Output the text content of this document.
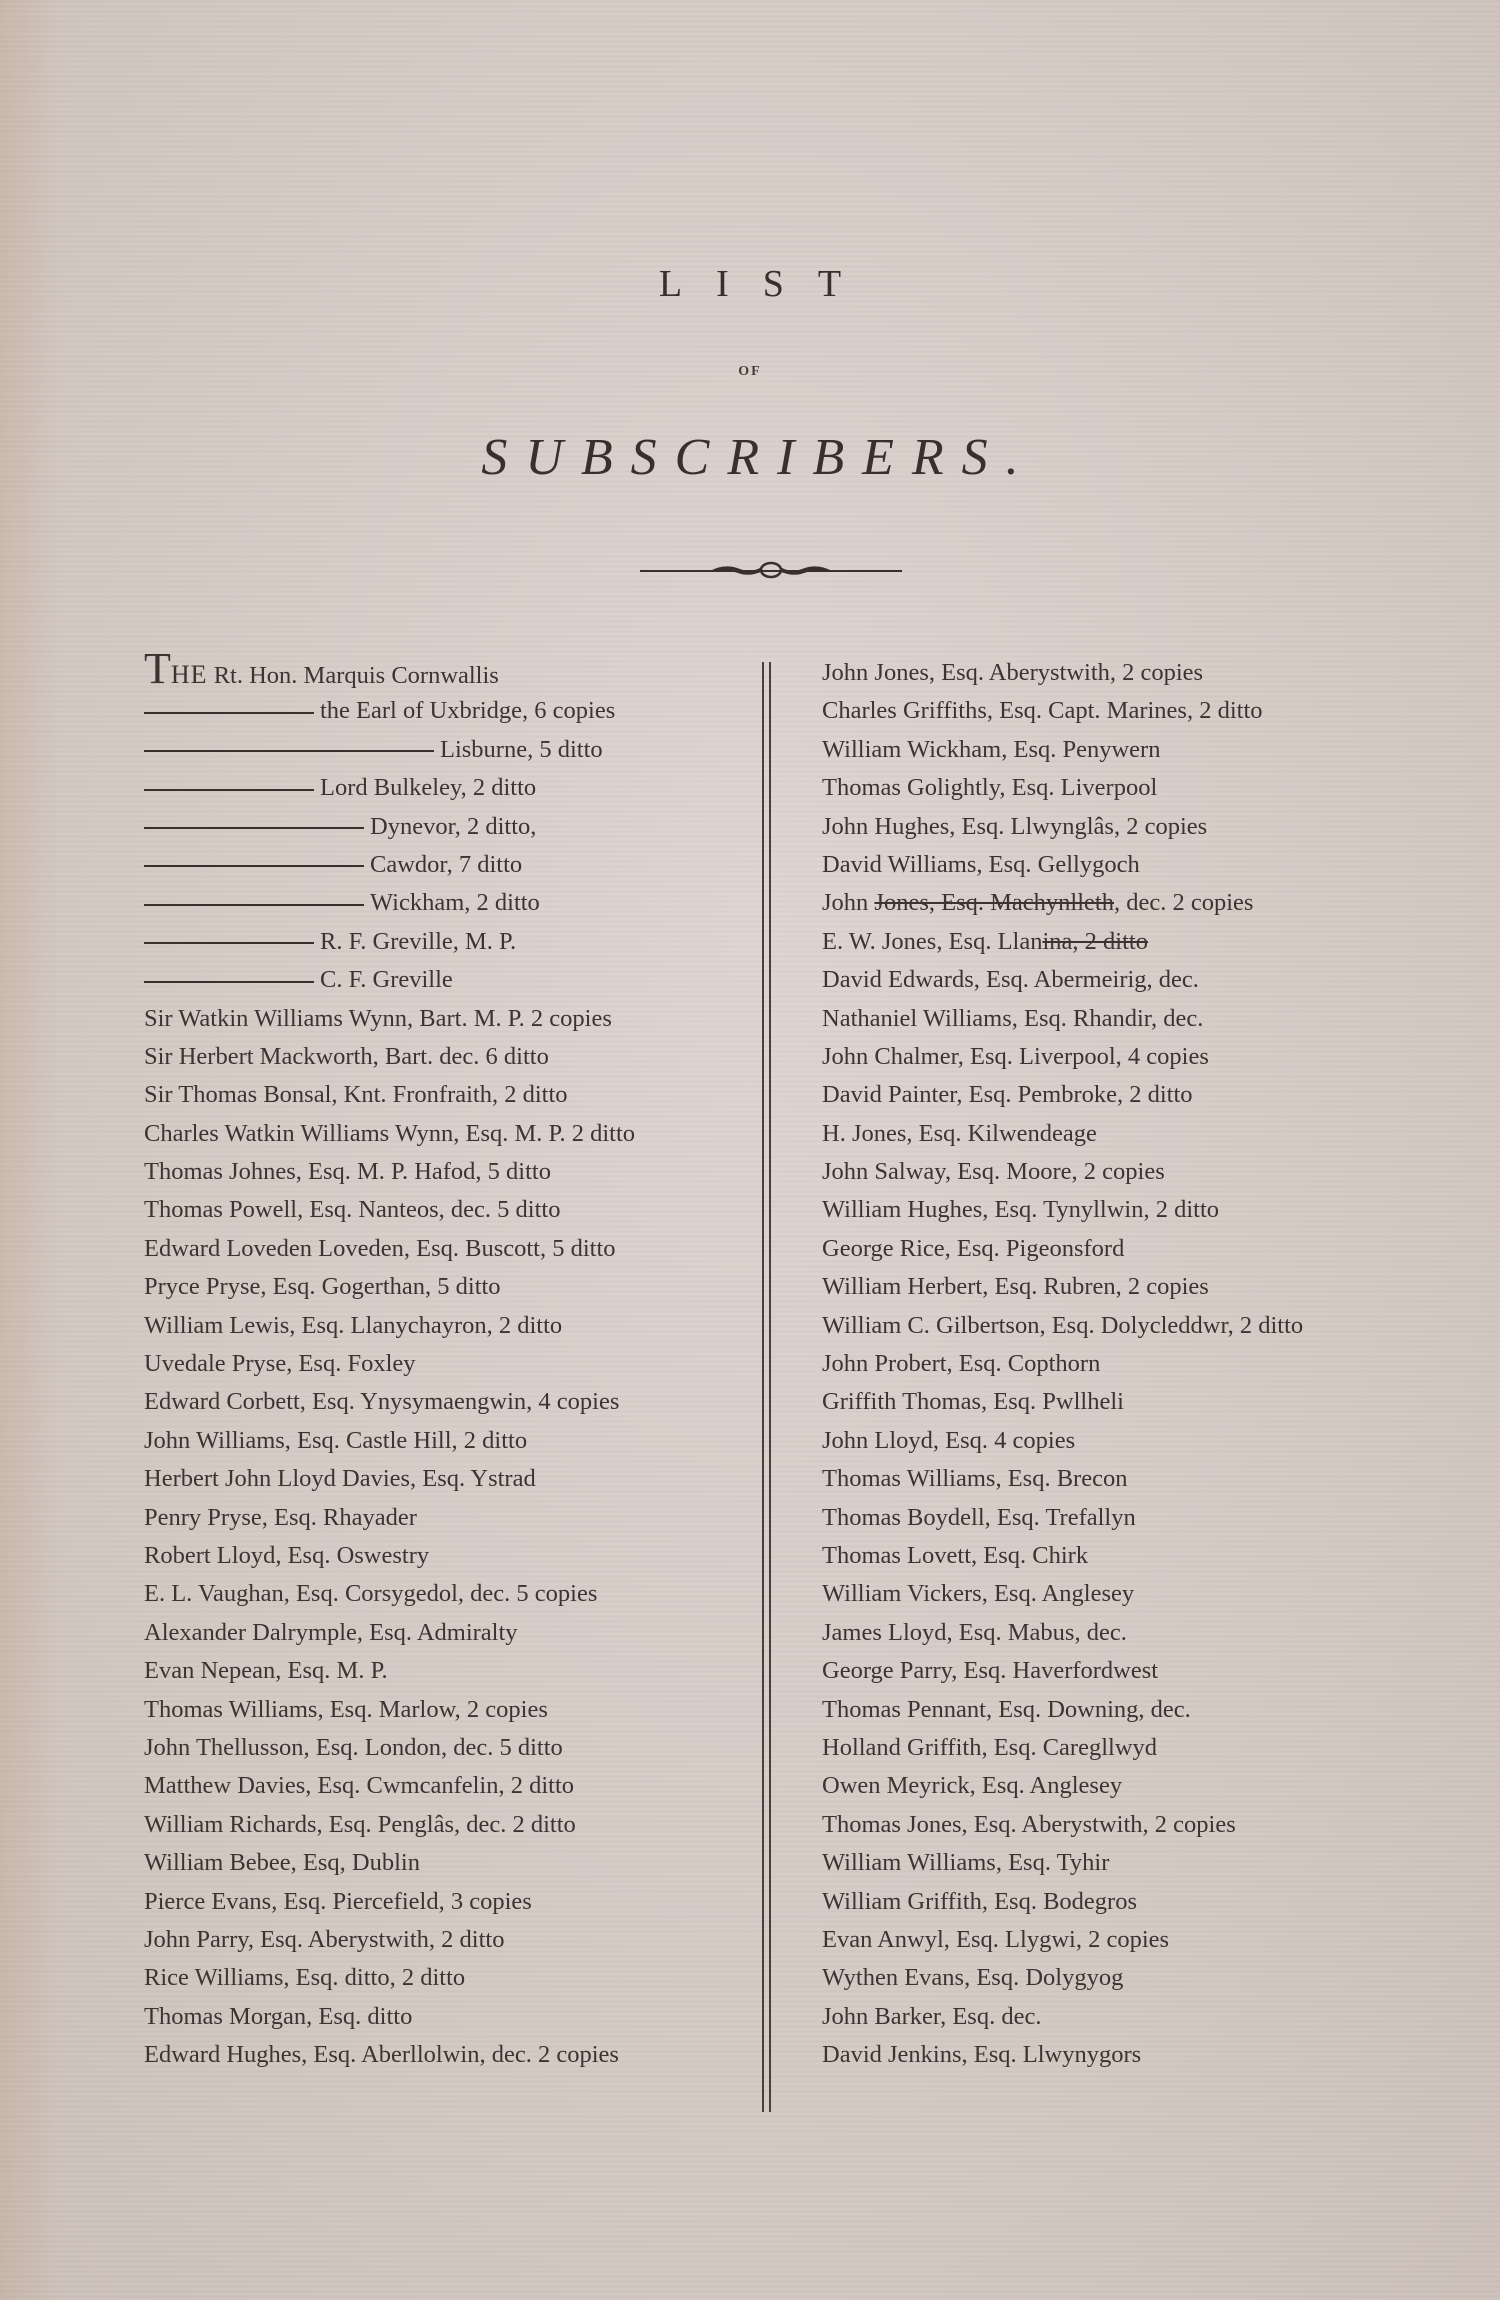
LIST
OF
SUBSCRIBERS.
THE Rt. Hon. Marquis Cornwallis
the Earl of Uxbridge, 6 copies
Lisburne, 5 ditto
Lord Bulkeley, 2 ditto
Dynevor, 2 ditto,
Cawdor, 7 ditto
Wickham, 2 ditto
R. F. Greville, M. P.
C. F. Greville
Sir Watkin Williams Wynn, Bart. M. P. 2 copies
Sir Herbert Mackworth, Bart. dec. 6 ditto
Sir Thomas Bonsal, Knt. Fronfraith, 2 ditto
Charles Watkin Williams Wynn, Esq. M. P. 2 ditto
Thomas Johnes, Esq. M. P. Hafod, 5 ditto
Thomas Powell, Esq. Nanteos, dec. 5 ditto
Edward Loveden Loveden, Esq. Buscott, 5 ditto
Pryce Pryse, Esq. Gogerthan, 5 ditto
William Lewis, Esq. Llanychayron, 2 ditto
Uvedale Pryse, Esq. Foxley
Edward Corbett, Esq. Ynysymaengwin, 4 copies
John Williams, Esq. Castle Hill, 2 ditto
Herbert John Lloyd Davies, Esq. Ystrad
Penry Pryse, Esq. Rhayader
Robert Lloyd, Esq. Oswestry
E. L. Vaughan, Esq. Corsygedol, dec. 5 copies
Alexander Dalrymple, Esq. Admiralty
Evan Nepean, Esq. M. P.
Thomas Williams, Esq. Marlow, 2 copies
John Thellusson, Esq. London, dec. 5 ditto
Matthew Davies, Esq. Cwmcanfelin, 2 ditto
William Richards, Esq. Penglâs, dec. 2 ditto
William Bebee, Esq, Dublin
Pierce Evans, Esq. Piercefield, 3 copies
John Parry, Esq. Aberystwith, 2 ditto
Rice Williams, Esq. ditto, 2 ditto
Thomas Morgan, Esq. ditto
Edward Hughes, Esq. Aberllolwin, dec. 2 copies
John Jones, Esq. Aberystwith, 2 copies
Charles Griffiths, Esq. Capt. Marines, 2 ditto
William Wickham, Esq. Penywern
Thomas Golightly, Esq. Liverpool
John Hughes, Esq. Llwynglâs, 2 copies
David Williams, Esq. Gellygoch
John Jones, Esq. Machynlleth, dec. 2 copies
E. W. Jones, Esq. Llanina, 2 ditto
David Edwards, Esq. Abermeirig, dec.
Nathaniel Williams, Esq. Rhandir, dec.
John Chalmer, Esq. Liverpool, 4 copies
David Painter, Esq. Pembroke, 2 ditto
H. Jones, Esq. Kilwendeage
John Salway, Esq. Moore, 2 copies
William Hughes, Esq. Tynyllwin, 2 ditto
George Rice, Esq. Pigeonsford
William Herbert, Esq. Rubren, 2 copies
William C. Gilbertson, Esq. Dolycleddwr, 2 ditto
John Probert, Esq. Copthorn
Griffith Thomas, Esq. Pwllheli
John Lloyd, Esq. 4 copies
Thomas Williams, Esq. Brecon
Thomas Boydell, Esq. Trefallyn
Thomas Lovett, Esq. Chirk
William Vickers, Esq. Anglesey
James Lloyd, Esq. Mabus, dec.
George Parry, Esq. Haverfordwest
Thomas Pennant, Esq. Downing, dec.
Holland Griffith, Esq. Caregllwyd
Owen Meyrick, Esq. Anglesey
Thomas Jones, Esq. Aberystwith, 2 copies
William Williams, Esq. Tyhir
William Griffith, Esq. Bodegros
Evan Anwyl, Esq. Llygwi, 2 copies
Wythen Evans, Esq. Dolygyog
John Barker, Esq. dec.
David Jenkins, Esq. Llwynygors
